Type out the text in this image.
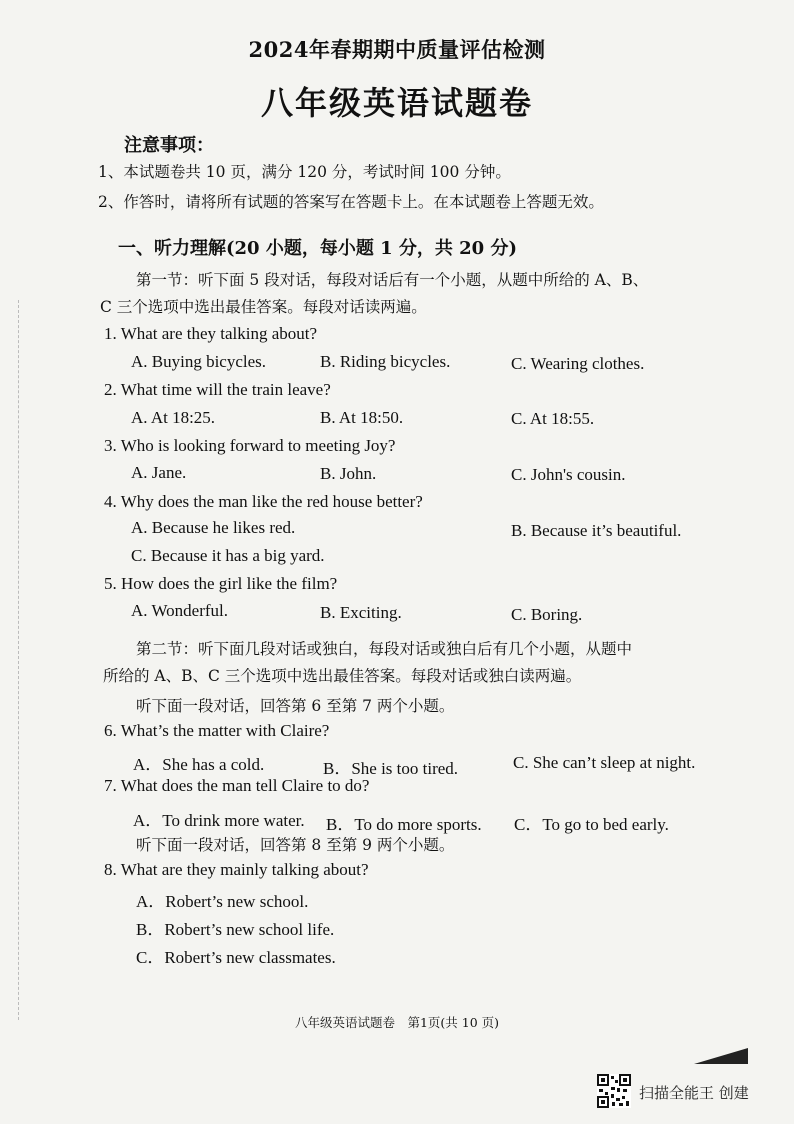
2024年春期期中质量评估检测
八年级英语试题卷
注意事项：
1、本试题卷共 10 页，满分 120 分，考试时间 100 分钟。
2、作答时，请将所有试题的答案写在答题卡上。在本试题卷上答题无效。
一、听力理解(20 小题，每小题 1 分，共 20 分)
第一节：听下面 5 段对话，每段对话后有一个小题，从题中所给的 A、B、
C 三个选项中选出最佳答案。每段对话读两遍。
1. What are they talking about?
A. Buying bicycles.	B. Riding bicycles.	C. Wearing clothes.
2. What time will the train leave?
A. At 18:25.	B. At 18:50.	C. At 18:55.
3. Who is looking forward to meeting Joy?
A. Jane.	B. John.	C. John's cousin.
4. Why does the man like the red house better?
A. Because he likes red.	B. Because it’s beautiful.
C. Because it has a big yard.
5. How does the girl like the film?
A. Wonderful.	B. Exciting.	C. Boring.
第二节：听下面几段对话或独白，每段对话或独白后有几个小题，从题中
所给的 A、B、C 三个选项中选出最佳答案。每段对话或独白读两遍。
听下面一段对话，回答第 6 至第 7 两个小题。
6. What’s the matter with Claire?
A．She has a cold.	B．She is too tired.	C. She can’t sleep at night.
7. What does the man tell Claire to do?
A．To drink more water. B．To do more sports. C．To go to bed early.
听下面一段对话，回答第 8 至第 9 两个小题。
8. What are they mainly talking about?
A．Robert’s new school.
B．Robert’s new school life.
C．Robert’s new classmates.
八年级英语试题卷　第1页(共 10 页)
扫描全能王 创建
